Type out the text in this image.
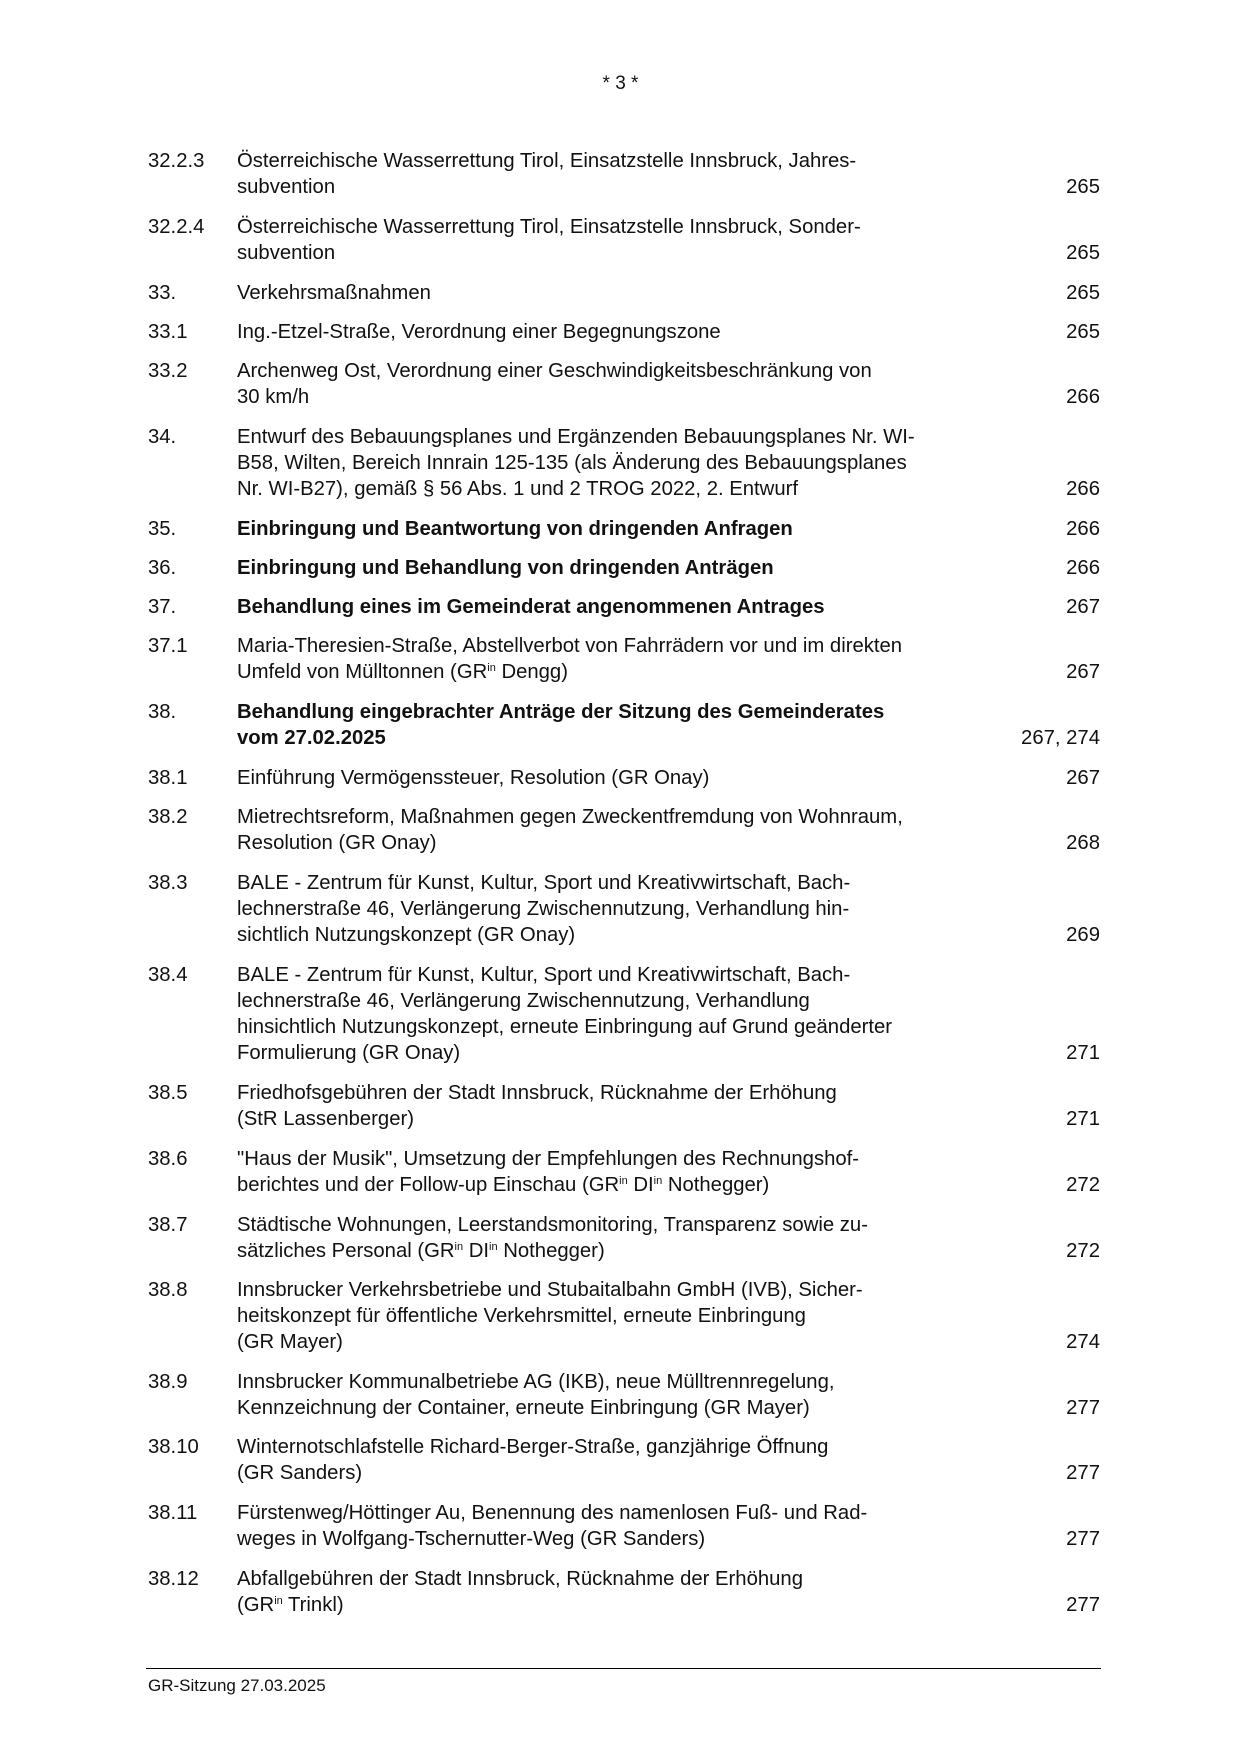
* 3 *
32.2.3 Österreichische Wasserrettung Tirol, Einsatzstelle Innsbruck, Jahres-
subvention	265
32.2.4 Österreichische Wasserrettung Tirol, Einsatzstelle Innsbruck, Sonder-
subvention	265
33.	Verkehrsmaßnahmen	265
33.1 Ing.-Etzel-Straße, Verordnung einer Begegnungszone	265
33.2 Archenweg Ost, Verordnung einer Geschwindigkeitsbeschränkung von
30 km/h	266
34.	Entwurf des Bebauungsplanes und Ergänzenden Bebauungsplanes Nr. WI-
B58, Wilten, Bereich Innrain 125-135 (als Änderung des Bebauungsplanes
Nr. WI-B27), gemäß § 56 Abs. 1 und 2 TROG 2022, 2. Entwurf	266
35.	Einbringung und Beantwortung von dringenden Anfragen	266
36.	Einbringung und Behandlung von dringenden Anträgen	266
37.	Behandlung eines im Gemeinderat angenommenen Antrages	267
37.1 Maria-Theresien-Straße, Abstellverbot von Fahrrädern vor und im direkten
Umfeld von Mülltonnen ($GR^{in}$ Dengg)	267
38.	Behandlung eingebrachter Anträge der Sitzung des Gemeinderates
vom 27.02.2025	267, 274
38.1 Einführung Vermögenssteuer, Resolution (GR Onay)	267
38.2 Mietrechtsreform, Maßnahmen gegen Zweckentfremdung von Wohnraum,
Resolution (GR Onay)	268
38.3 BALE - Zentrum für Kunst, Kultur, Sport und Kreativwirtschaft, Bach-
lechnerstraße 46, Verlängerung Zwischennutzung, Verhandlung hin-
sichtlich Nutzungskonzept (GR Onay)	269
38.4 BALE - Zentrum für Kunst, Kultur, Sport und Kreativwirtschaft, Bach-
lechnerstraße 46, Verlängerung Zwischennutzung, Verhandlung
hinsichtlich Nutzungskonzept, erneute Einbringung auf Grund geänderter
Formulierung (GR Onay)	271
38.5 Friedhofsgebühren der Stadt Innsbruck, Rücknahme der Erhöhung
(StR Lassenberger)	271
38.6 "Haus der Musik", Umsetzung der Empfehlungen des Rechnungshof-
berichtes und der Follow-up Einschau ($GR^{in}$ $DI^{in}$ Nothegger)	272
38.7 Städtische Wohnungen, Leerstandsmonitoring, Transparenz sowie zu-
sätzliches Personal ($GR^{in}$ $DI^{in}$ Nothegger)	272
38.8 Innsbrucker Verkehrsbetriebe und Stubaitalbahn GmbH (IVB), Sicher-
heitskonzept für öffentliche Verkehrsmittel, erneute Einbringung
(GR Mayer)	274
38.9 Innsbrucker Kommunalbetriebe AG (IKB), neue Mülltrennregelung,
Kennzeichnung der Container, erneute Einbringung (GR Mayer)	277
38.10 Winternotschlafstelle Richard-Berger-Straße, ganzjährige Öffnung
(GR Sanders)	277
38.11 Fürstenweg/Höttinger Au, Benennung des namenlosen Fuß- und Rad-
weges in Wolfgang-Tschernutter-Weg (GR Sanders)	277
38.12 Abfallgebühren der Stadt Innsbruck, Rücknahme der Erhöhung
($GR^{in}$ Trinkl)	277
GR-Sitzung 27.03.2025
